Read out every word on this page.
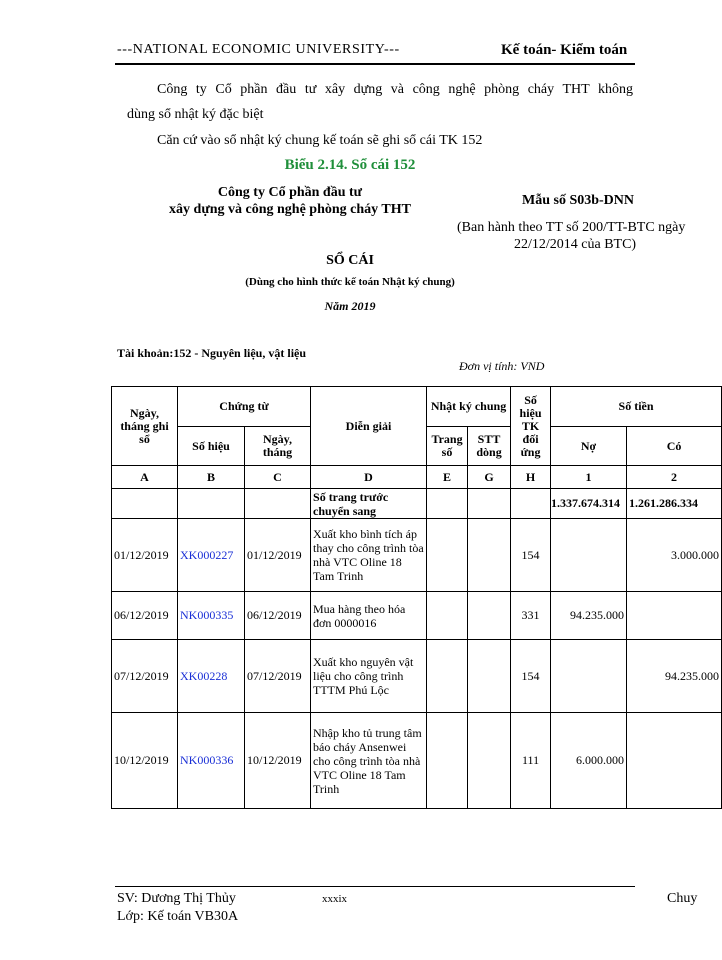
---NATIONAL ECONOMIC UNIVERSITY---	Kế toán- Kiểm toán
Công ty Cổ phần đầu tư xây dựng và công nghệ phòng cháy THT không
dùng sổ nhật ký đặc biệt
Căn cứ vào sổ nhật ký chung kế toán sẽ ghi sổ cái TK 152
Biểu 2.14. Sổ cái 152
Công ty Cổ phần đầu tư
xây dựng và công nghệ phòng cháy THT
Mẫu số S03b-DNN
(Ban hành theo TT số 200/TT-BTC ngày
22/12/2014 của BTC)
SỔ CÁI
(Dùng cho hình thức kế toán Nhật ký chung)
Năm 2019
Tài khoản:152 - Nguyên liệu, vật liệu
Đơn vị tính: VND
Ngày, tháng ghi sổ	Chứng từ		Diễn giải	Nhật ký chung		Số hiệu TK đối ứng	Số tiền	
	Số hiệu	Ngày, tháng		Trang số	STT dòng		Nợ	Có
A	B	C	D	E	G	H	1	2
			Số trang trước chuyển sang				1.337.674.314	1.261.286.334
01/12/2019	XK000227	01/12/2019	Xuất kho bình tích áp thay cho công trình tòa nhà VTC Oline 18 Tam Trinh			154		3.000.000
06/12/2019	NK000335	06/12/2019	Mua hàng theo hóa đơn 0000016			331	94.235.000	
07/12/2019	XK00228	07/12/2019	Xuất kho nguyên vật liệu cho công trình TTTM Phú Lộc			154		94.235.000
10/12/2019	NK000336	10/12/2019	Nhập kho tủ trung tâm báo cháy Ansenwei cho công trình tòa nhà VTC Oline 18 Tam Trinh			111	6.000.000	
SV: Dương Thị Thủy
Lớp: Kế toán VB30A
xxxix	Chuy
